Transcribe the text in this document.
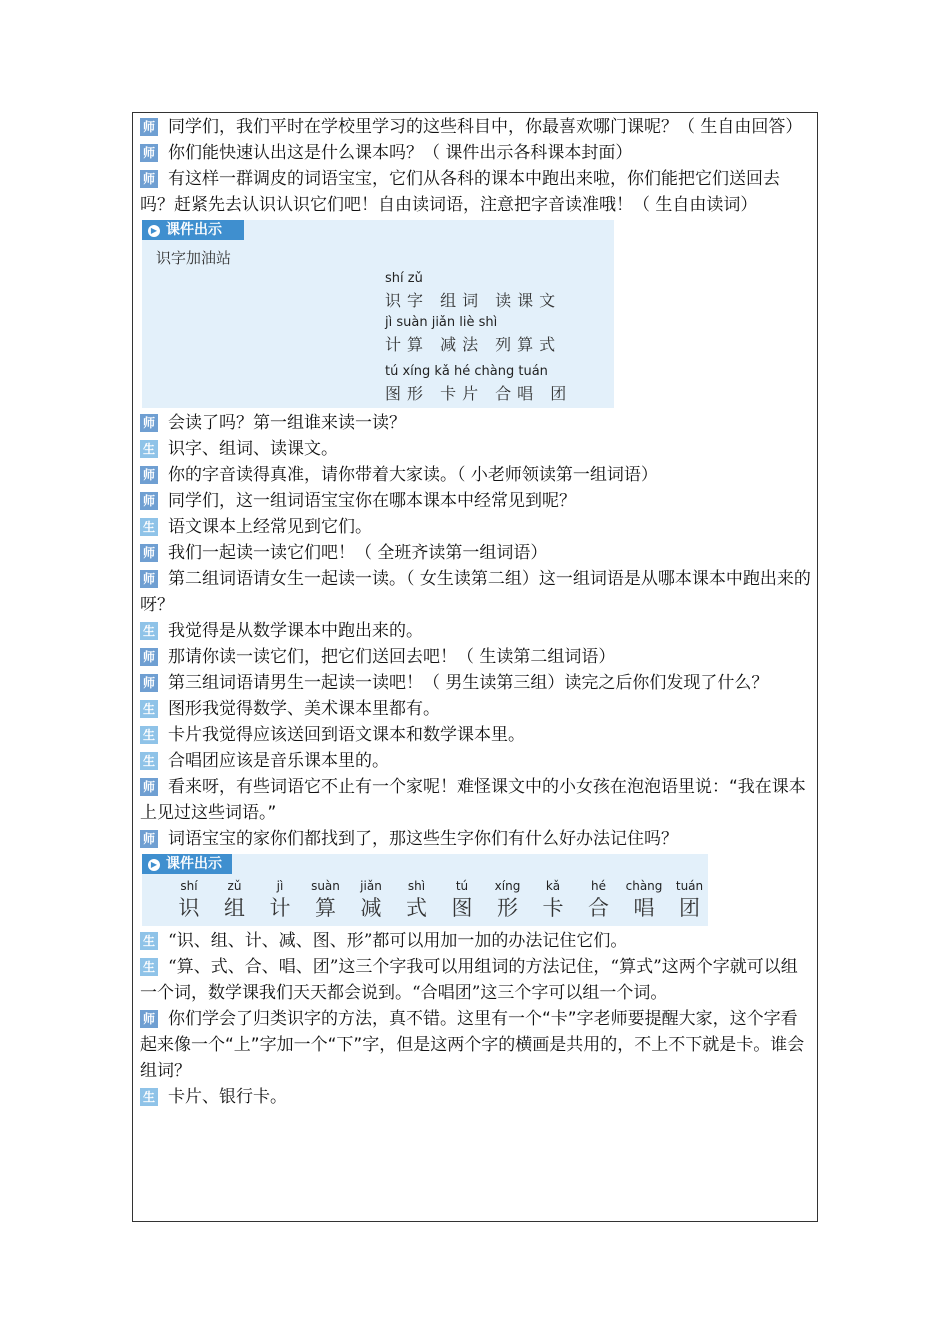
师 同学们，我们平时在学校里学习的这些科目中，你最喜欢哪门课呢？（ 生自由回答）

师 你们能快速认出这是什么课本吗？（ 课件出示各科课本封面）

师 有这样一群调皮的词语宝宝，它们从各科的课本中跑出来啦，你们能把它们送回去吗？赶紧先去认识认识它们吧！自由读词语，注意把字音读准哦！（ 生自由读词）

▶ 课件出示
识字加油站
shí zǔ
识字 组词 读课文
jì suàn jiǎn liè shì
计算 减法 列算式
tú xíng kǎ hé chàng tuán
图形 卡片 合唱 团

师 会读了吗？第一组谁来读一读？

生 识字、组词、读课文。

师 你的字音读得真准，请你带着大家读。（ 小老师领读第一组词语）

师 同学们，这一组词语宝宝你在哪本课本中经常见到呢？

生 语文课本上经常见到它们。

师 我们一起读一读它们吧！（ 全班齐读第一组词语）

师 第二组词语请女生一起读一读。（ 女生读第二组）这一组词语是从哪本课本中跑出来的呀？

生 我觉得是从数学课本中跑出来的。

师 那请你读一读它们，把它们送回去吧！（ 生读第二组词语）

师 第三组词语请男生一起读一读吧！（ 男生读第三组）读完之后你们发现了什么？

生 图形我觉得数学、美术课本里都有。

生 卡片我觉得应该送回到语文课本和数学课本里。

生 合唱团应该是音乐课本里的。

师 看来呀，有些词语它不止有一个家呢！难怪课文中的小女孩在泡泡语里说：“我在课本上见过这些词语。”

师 词语宝宝的家你们都找到了，那这些生字你们有什么好办法记住吗？

▶ 课件出示
shí
识
zǔ
组
jì
计
suàn
算
jiǎn
减
shì
式
tú
图
xíng
形
kǎ
卡
hé
合
chàng
唱
tuán
团

生 “识、组、计、减、图、形”都可以用加一加的办法记住它们。

生 “算、式、合、唱、团”这三个字我可以用组词的方法记住，“算式”这两个字就可以组一个词，数学课我们天天都会说到。“合唱团”这三个字可以组一个词。

师 你们学会了归类识字的方法，真不错。这里有一个“卡”字老师要提醒大家，这个字看起来像一个“上”字加一个“下”字，但是这两个字的横画是共用的，不上不下就是卡。谁会组词？

生 卡片、银行卡。
